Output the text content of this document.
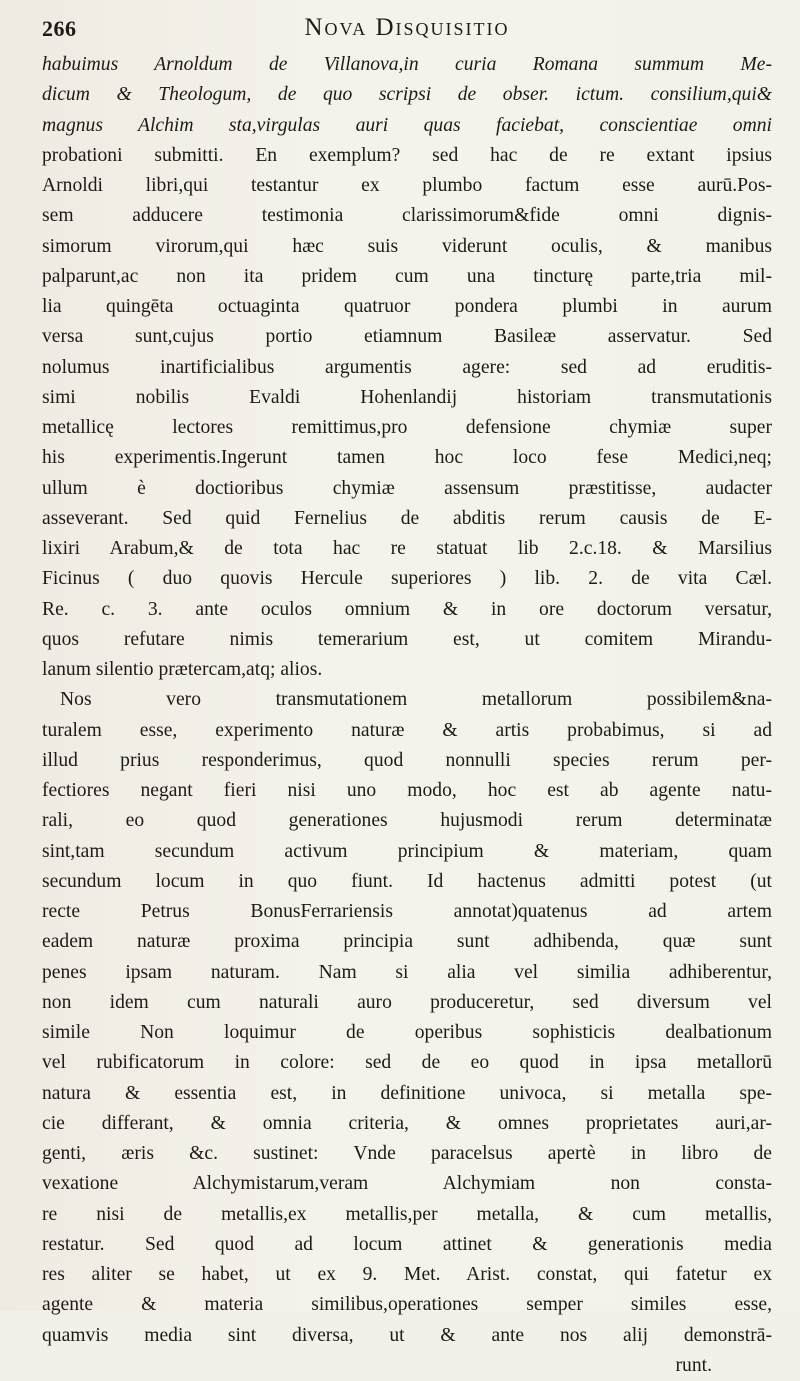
266	Nova Disquisitio
habuimus Arnoldum de Villanova,in curia Romana summum Me-
dicum & Theologum, de quo scripsi de obser. ictum. consilium,qui&
magnus Alchim sta,virgulas auri quas faciebat, conscientiae omni
probationi submitti. En exemplum? sed hac de re extant ipsius
Arnoldi libri,qui testantur ex plumbo factum esse aurū.Pos-
sem adducere testimonia clarissimorum&fide omni dignis-
simorum virorum,qui hæc suis viderunt oculis, & manibus
palparunt,ac non ita pridem cum una tincturę parte,tria mil-
lia quingēta octuaginta quatruor pondera plumbi in aurum
versa sunt,cujus portio etiamnum Basileæ asservatur. Sed
nolumus inartificialibus argumentis agere: sed ad eruditis-
simi nobilis Evaldi Hohenlandij historiam transmutationis
metallicę lectores remittimus,pro defensione chymiæ super
his experimentis.Ingerunt tamen hoc loco fese Medici,neq;
ullum è doctioribus chymiæ assensum præstitisse, audacter
asseverant. Sed quid Fernelius de abditis rerum causis de E-
lixiri Arabum,& de tota hac re statuat lib 2.c.18. & Marsilius
Ficinus ( duo quovis Hercule superiores ) lib. 2. de vita Cæl.
Re. c. 3. ante oculos omnium & in ore doctorum versatur,
quos refutare nimis temerarium est, ut comitem Mirandu-
lanum silentio prætercam,atq; alios.
Nos vero transmutationem metallorum possibilem&na-
turalem esse, experimento naturæ & artis probabimus, si ad
illud prius responderimus, quod nonnulli species rerum per-
fectiores negant fieri nisi uno modo, hoc est ab agente natu-
rali, eo quod generationes hujusmodi rerum determinatæ
sint,tam secundum activum principium & materiam, quam
secundum locum in quo fiunt. Id hactenus admitti potest (ut
recte Petrus BonusFerrariensis annotat)quatenus ad artem
eadem naturæ proxima principia sunt adhibenda, quæ sunt
penes ipsam naturam. Nam si alia vel similia adhiberentur,
non idem cum naturali auro produceretur, sed diversum vel
simile Non loquimur de operibus sophisticis dealbationum
vel rubificatorum in colore: sed de eo quod in ipsa metallorū
natura & essentia est, in definitione univoca, si metalla spe-
cie differant, & omnia criteria, & omnes proprietates auri,ar-
genti, æris &c. sustinet: Vnde paracelsus apertè in libro de
vexatione Alchymistarum,veram Alchymiam non consta-
re nisi de metallis,ex metallis,per metalla, & cum metallis,
restatur. Sed quod ad locum attinet & generationis media
res aliter se habet, ut ex 9. Met. Arist. constat, qui fatetur ex
agente & materia similibus,operationes semper similes esse,
quamvis media sint diversa, ut & ante nos alij demonstrā-
runt.
